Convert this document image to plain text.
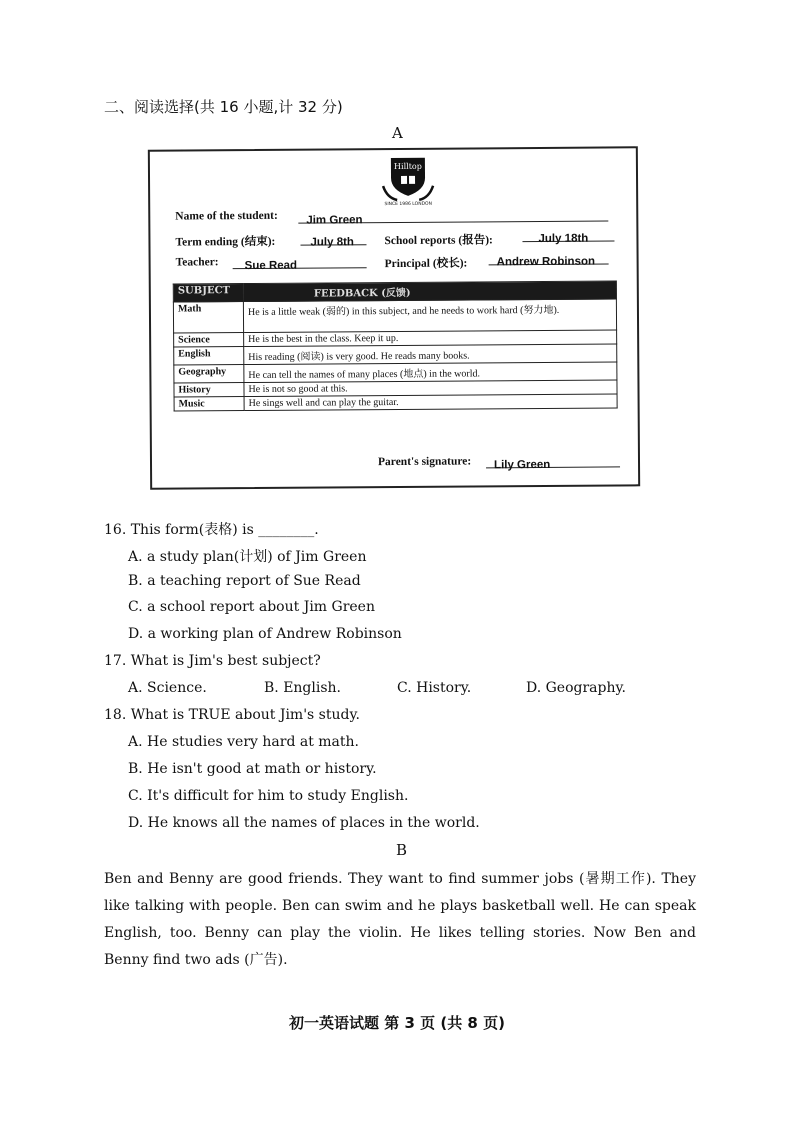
二、阅读选择(共 16 小题,计 32 分)
A
Hilltop
SINCE 1986 LONDON
Name of the student:	Jim Green
Term ending (结束):	July 8th	School reports (报告):	July 18th
Teacher:	Sue Read	Principal (校长):	Andrew Robinson
SUBJECT	FEEDBACK (反馈)
Math	He is a little weak (弱的) in this subject, and he needs to work hard (努力地).
Science	He is the best in the class. Keep it up.
English	His reading (阅读) is very good. He reads many books.
Geography	He can tell the names of many places (地点) in the world.
History	He is not so good at this.
Music	He sings well and can play the guitar.
Parent's signature:	Lily Green
16. This form(表格) is ________.
A. a study plan(计划) of Jim Green
B. a teaching report of Sue Read
C. a school report about Jim Green
D. a working plan of Andrew Robinson
17. What is Jim's best subject?
A. Science.	B. English.	C. History.	D. Geography.
18. What is TRUE about Jim's study.
A. He studies very hard at math.
B. He isn't good at math or history.
C. It's difficult for him to study English.
D. He knows all the names of places in the world.
B
Ben and Benny are good friends. They want to find summer jobs (暑期工作). They like talking with people. Ben can swim and he plays basketball well. He can speak English, too. Benny can play the violin. He likes telling stories. Now Ben and Benny find two ads (广告).
初一英语试题 第 3 页 (共 8 页)
